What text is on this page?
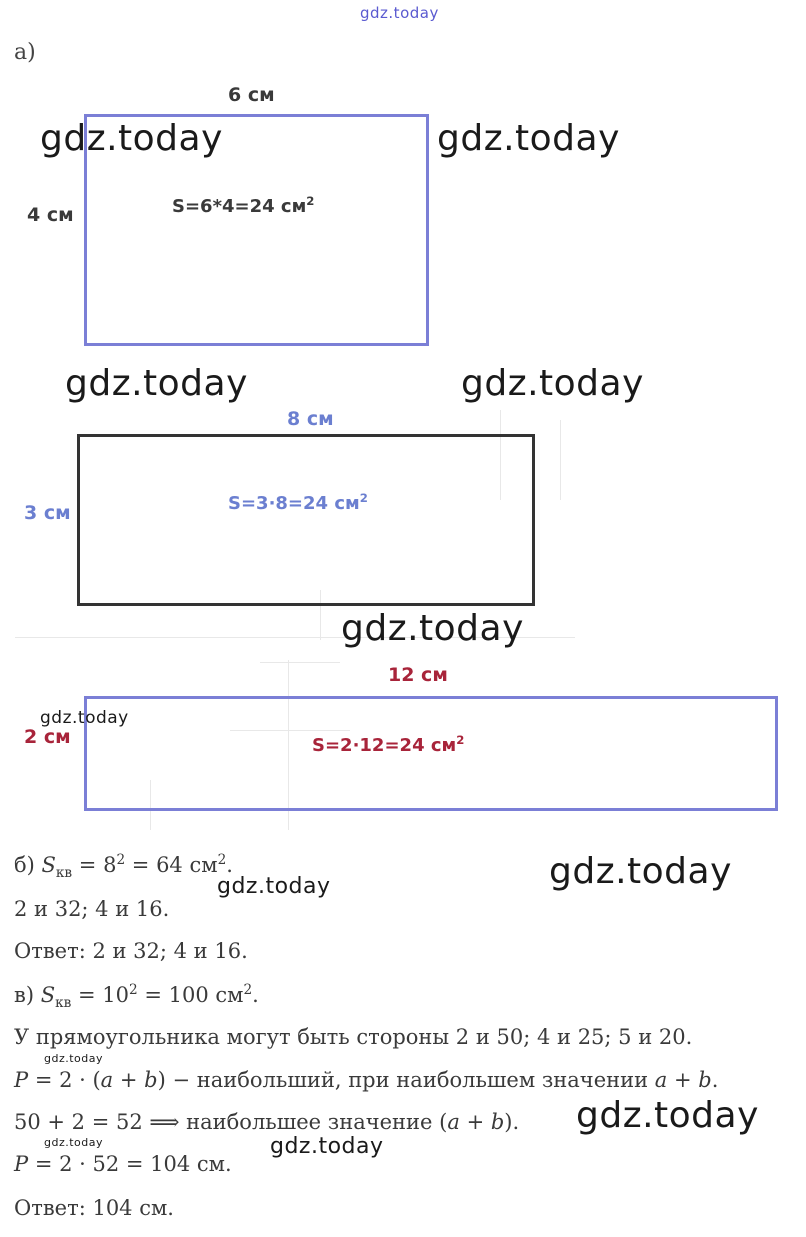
gdz.today
а)
6 см
4 см	S=6*4=24 $см^2$
8 см
3 см	S=3·8=24 $см^2$
12 см
2 см	S=2·12=24 $см^2$
gdz.today	gdz.today
gdz.today	gdz.today
gdz.today
gdz.today
gdz.today
gdz.today
gdz.today
gdz.today
gdz.today	gdz.today
б) $S_{кв} = 8^2 = 64$ $см^2$.
2 и 32; 4 и 16.
Ответ: 2 и 32; 4 и 16.
в) $S_{кв} = 10^2 = 100$ $см^2$.
У прямоугольника могут быть стороны 2 и 50; 4 и 25; 5 и 20.
P = 2 · (a + b) − наибольший, при наибольшем значении a + b.
50 + 2 = 52 ⟹ наибольшее значение (a + b).
P = 2 · 52 = 104 см.
Ответ: 104 см.
